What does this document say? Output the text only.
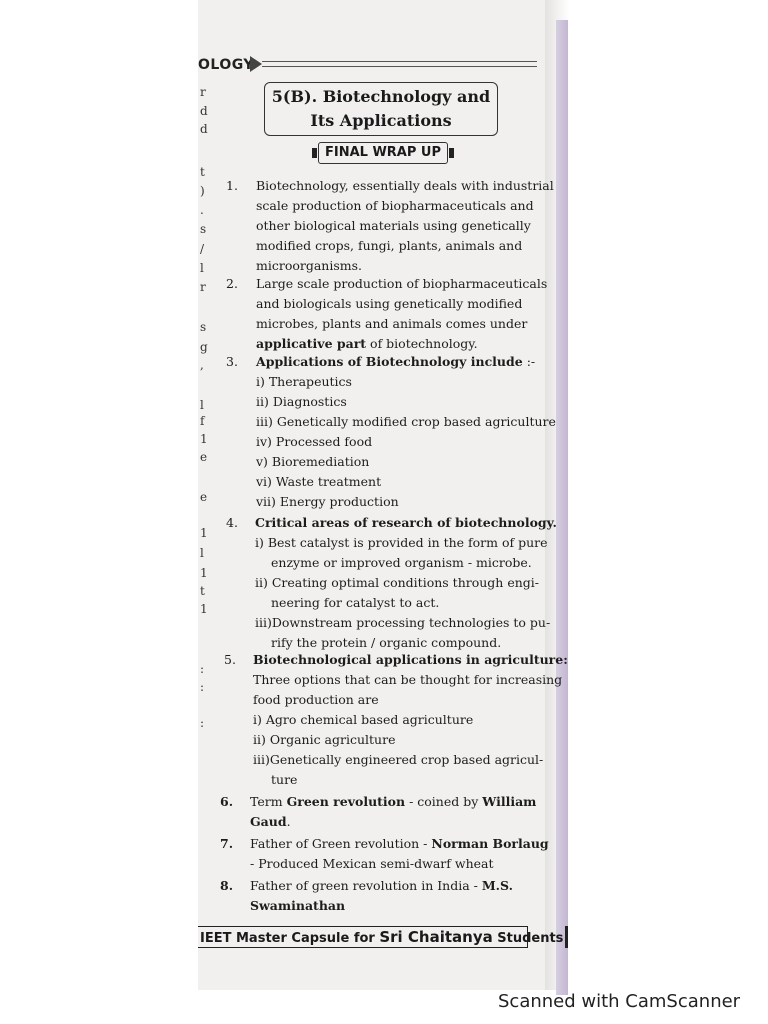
OLOGY
r
d
d
t
)
.
s
/
l
r
s
g
,
l
f
1
e
e
1
l
1
t
1
:
:
:
5(B). Biotechnology and
Its Applications
FINAL WRAP UP
1.	Biotechnology, essentially deals with industrial
scale production of biopharmaceuticals and
other biological materials using genetically
modified crops, fungi, plants, animals and
microorganisms.
2.	Large scale production of biopharmaceuticals
and biologicals using genetically modified
microbes, plants and animals comes under
applicative part of biotechnology.
3.	Applications of Biotechnology include :-
i) Therapeutics
ii) Diagnostics
iii) Genetically modified crop based agriculture
iv) Processed food
v) Bioremediation
vi) Waste treatment
vii) Energy production
4.	Critical areas of research of biotechnology.
i) Best catalyst is provided in the form of pure
enzyme or improved organism - microbe.
ii) Creating optimal conditions through engi-
neering for catalyst to act.
iii)Downstream processing technologies to pu-
rify the protein / organic compound.
5.	Biotechnological applications in agriculture:
Three options that can be thought for increasing
food production are
i) Agro chemical based agriculture
ii) Organic agriculture
iii)Genetically engineered crop based agricul-
ture
6.	Term Green revolution - coined by William
Gaud.
7.	Father of Green revolution - Norman Borlaug
- Produced Mexican semi-dwarf wheat
8.	Father of green revolution in India - M.S.
Swaminathan
IEET Master Capsule for Sri Chaitanya Students
Scanned with CamScanner
